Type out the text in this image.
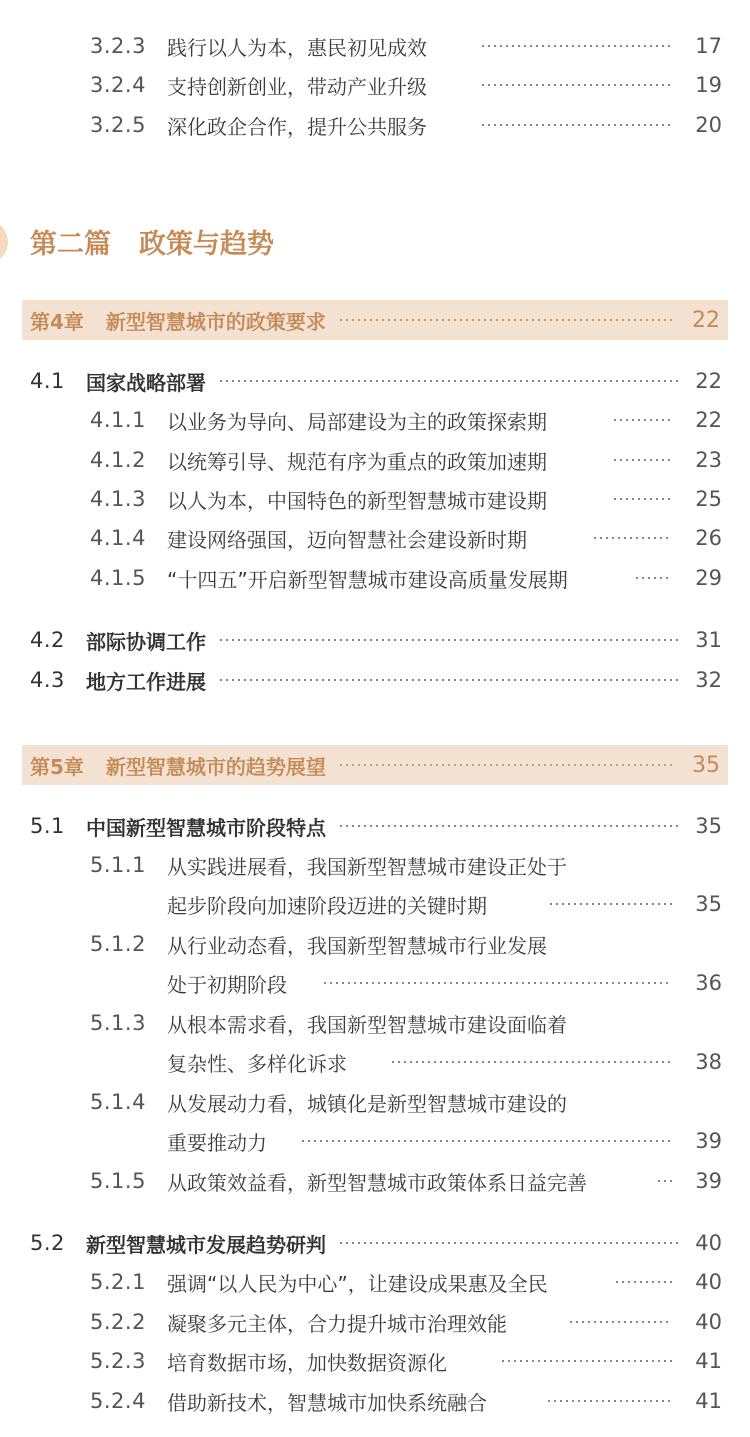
3.2.3 践行以人为本，惠民初见成效	17
3.2.4 支持创新创业，带动产业升级	19
3.2.5 深化政企合作，提升公共服务	20
第二篇 政策与趋势
第4章 新型智慧城市的政策要求	22
4.1	国家战略部署	22
4.1.1 以业务为导向、局部建设为主的政策探索期	22
4.1.2 以统筹引导、规范有序为重点的政策加速期	23
4.1.3 以人为本，中国特色的新型智慧城市建设期	25
4.1.4 建设网络强国，迈向智慧社会建设新时期	26
4.1.5 “十四五”开启新型智慧城市建设高质量发展期	29
4.2	部际协调工作	31
4.3	地方工作进展	32
第5章 新型智慧城市的趋势展望	35
5.1	中国新型智慧城市阶段特点	35
5.1.1 从实践进展看，我国新型智慧城市建设正处于
起步阶段向加速阶段迈进的关键时期	35
5.1.2 从行业动态看，我国新型智慧城市行业发展
处于初期阶段	36
5.1.3 从根本需求看，我国新型智慧城市建设面临着
复杂性、多样化诉求	38
5.1.4 从发展动力看，城镇化是新型智慧城市建设的
重要推动力	39
5.1.5 从政策效益看，新型智慧城市政策体系日益完善	39
5.2	新型智慧城市发展趋势研判	40
5.2.1 强调“以人民为中心”，让建设成果惠及全民	40
5.2.2 凝聚多元主体，合力提升城市治理效能	40
5.2.3 培育数据市场，加快数据资源化	41
5.2.4 借助新技术，智慧城市加快系统融合	41
